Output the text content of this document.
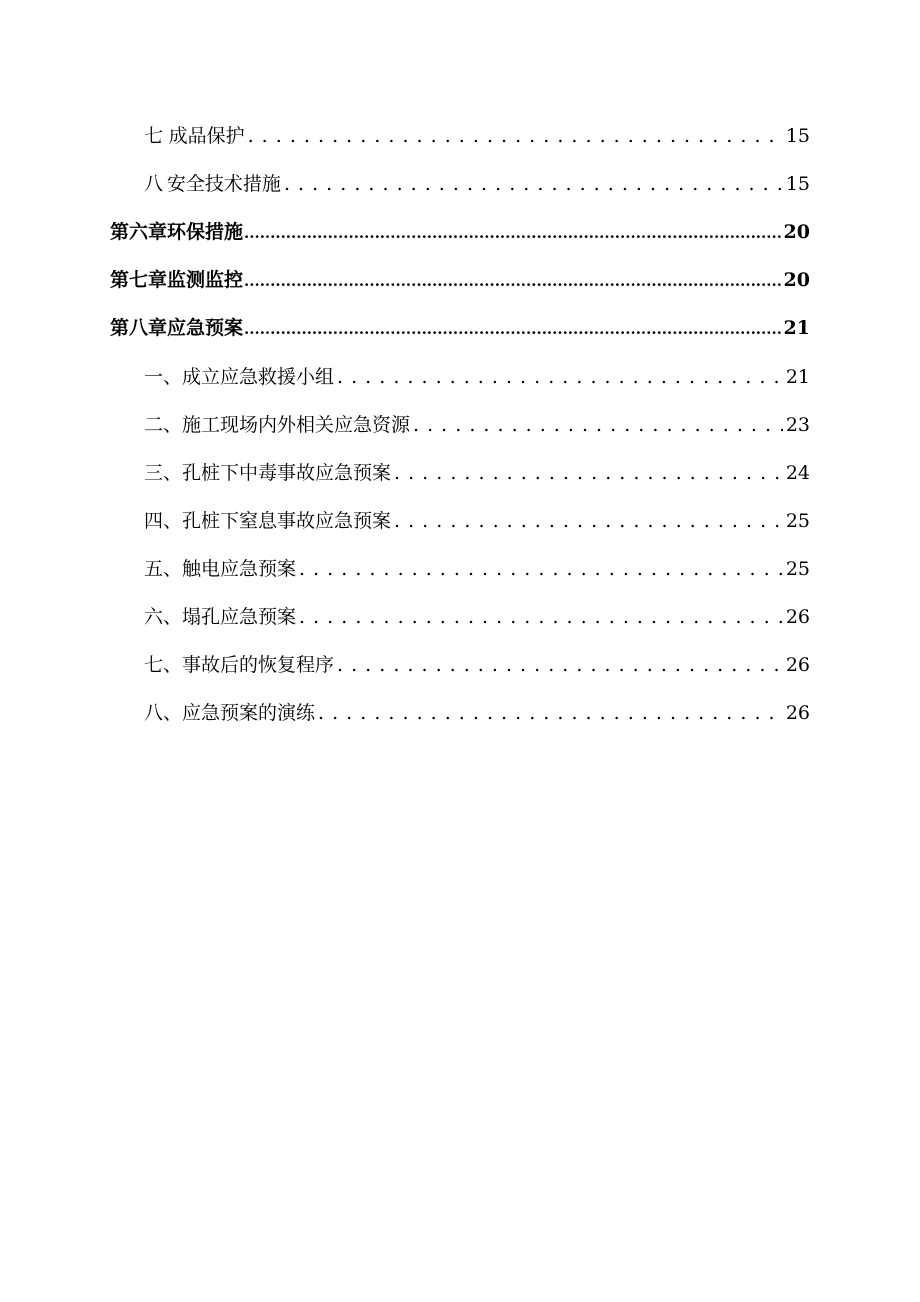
七 成品保护 . . .	15
八 安全技术措施 . . .	15
第六章 环保措施 .....	20
第七章 监测监控 .....	20
第八章 应急预案 .....	21
一、成立应急救援小组 . . .	21
二、施工现场内外相关应急资源 . . .	23
三、孔桩下中毒事故应急预案 . . .	24
四、孔桩下窒息事故应急预案 . . .	25
五、触电应急预案 . . .	25
六、塌孔应急预案 . . .	26
七、事故后的恢复程序 . . .	26
八、应急预案的演练 . . .	26
